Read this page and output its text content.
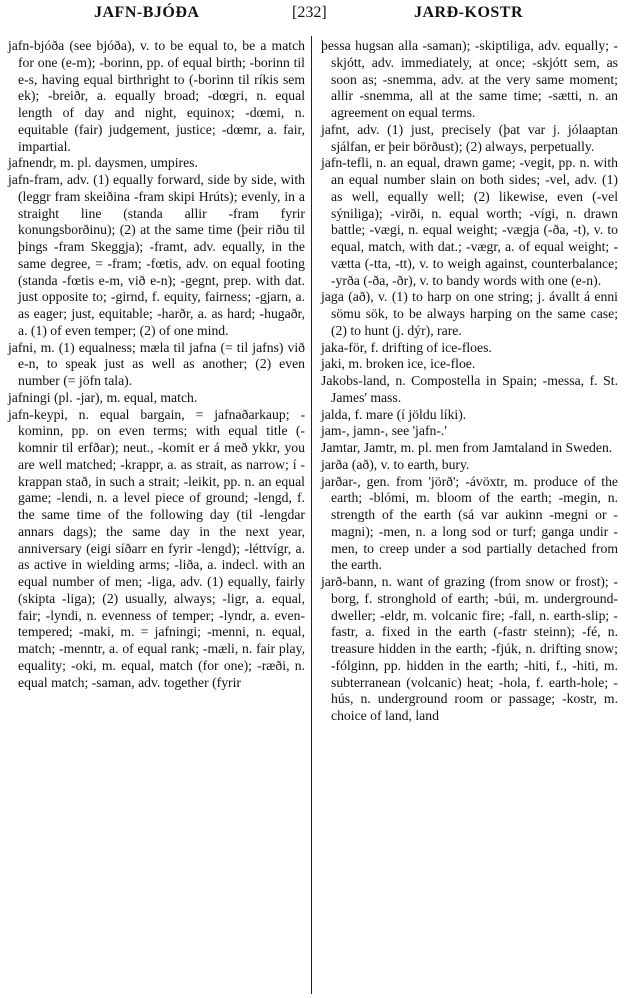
JAFN-BJÓÐA	[232]	JARÐ-KOSTR

jafn-bjóða (see bjóða), v. to be equal to, be a match for one (e-m); -borinn, pp. of equal birth; -borinn til e-s, having equal birthright to (-borinn til ríkis sem ek); -breiðr, a. equally broad; -dœgri, n. equal length of day and night, equinox; -dœmi, n. equitable (fair) judgement, justice; -dœmr, a. fair, impartial.

jafnendr, m. pl. daysmen, umpires.

jafn-fram, adv. (1) equally forward, side by side, with (leggr fram skeiðina -fram skipi Hrúts); evenly, in a straight line (standa allir -fram fyrir konungsborðinu); (2) at the same time (þeir riðu til þings -fram Skeggja); -framt, adv. equally, in the same degree, = -fram; -fœtis, adv. on equal footing (standa -fœtis e-m, við e-n); -gegnt, prep. with dat. just opposite to; -girnd, f. equity, fairness; -gjarn, a. as eager; just, equitable; -harðr, a. as hard; -hugaðr, a. (1) of even temper; (2) of one mind.

jafni, m. (1) equalness; mæla til jafna (= til jafns) við e-n, to speak just as well as another; (2) even number (= jöfn tala).

jafningi (pl. -jar), m. equal, match.

jafn-keypi, n. equal bargain, = jafnaðarkaup; -kominn, pp. on even terms; with equal title (-komnir til erfðar); neut., -komit er á með ykkr, you are well matched; -krappr, a. as strait, as narrow; í -krappan stað, in such a strait; -leikit, pp. n. an equal game; -lendi, n. a level piece of ground; -lengd, f. the same time of the following day (til -lengdar annars dags); the same day in the next year, anniversary (eigi síðarr en fyrir -lengd); -léttvígr, a. as active in wielding arms; -liða, a. indecl. with an equal number of men; -liga, adv. (1) equally, fairly (skipta -liga); (2) usually, always; -ligr, a. equal, fair; -lyndi, n. evenness of temper; -lyndr, a. even-tempered; -maki, m. = jafningi; -menni, n. equal, match; -menntr, a. of equal rank; -mæli, n. fair play, equality; -oki, m. equal, match (for one); -ræði, n. equal match; -saman, adv. together (fyrir

þessa hugsan alla -saman); -skiptiliga, adv. equally; -skjótt, adv. immediately, at once; -skjótt sem, as soon as; -snemma, adv. at the very same moment; allir -snemma, all at the same time; -sætti, n. an agreement on equal terms.

jafnt, adv. (1) just, precisely (þat var j. jólaaptan sjálfan, er þeir börðust); (2) always, perpetually.

jafn-tefli, n. an equal, drawn game; -vegit, pp. n. with an equal number slain on both sides; -vel, adv. (1) as well, equally well; (2) likewise, even (-vel sýniliga); -virði, n. equal worth; -vígi, n. drawn battle; -vægi, n. equal weight; -vægja (-ða, -t), v. to equal, match, with dat.; -vægr, a. of equal weight; -vætta (-tta, -tt), v. to weigh against, counterbalance; -yrða (-ða, -ðr), v. to bandy words with one (e-n).

jaga (að), v. (1) to harp on one string; j. ávallt á enni sömu sök, to be always harping on the same case; (2) to hunt (j. dýr), rare.

jaka-för, f. drifting of ice-floes.

jaki, m. broken ice, ice-floe.

Jakobs-land, n. Compostella in Spain; -messa, f. St. James' mass.

jalda, f. mare (í jöldu líki).

jam-, jamn-, see 'jafn-.'

Jamtar, Jamtr, m. pl. men from Jamtaland in Sweden.

jarða (að), v. to earth, bury.

jarðar-, gen. from 'jörð'; -ávöxtr, m. produce of the earth; -blómi, m. bloom of the earth; -megin, n. strength of the earth (sá var aukinn -megni or -magni); -men, n. a long sod or turf; ganga undir -men, to creep under a sod partially detached from the earth.

jarð-bann, n. want of grazing (from snow or frost); -borg, f. stronghold of earth; -búi, m. underground-dweller; -eldr, m. volcanic fire; -fall, n. earth-slip; -fastr, a. fixed in the earth (-fastr steinn); -fé, n. treasure hidden in the earth; -fjúk, n. drifting snow; -fólginn, pp. hidden in the earth; -hiti, f., -hiti, m. subterranean (volcanic) heat; -hola, f. earth-hole; -hús, n. underground room or passage; -kostr, m. choice of land, land
